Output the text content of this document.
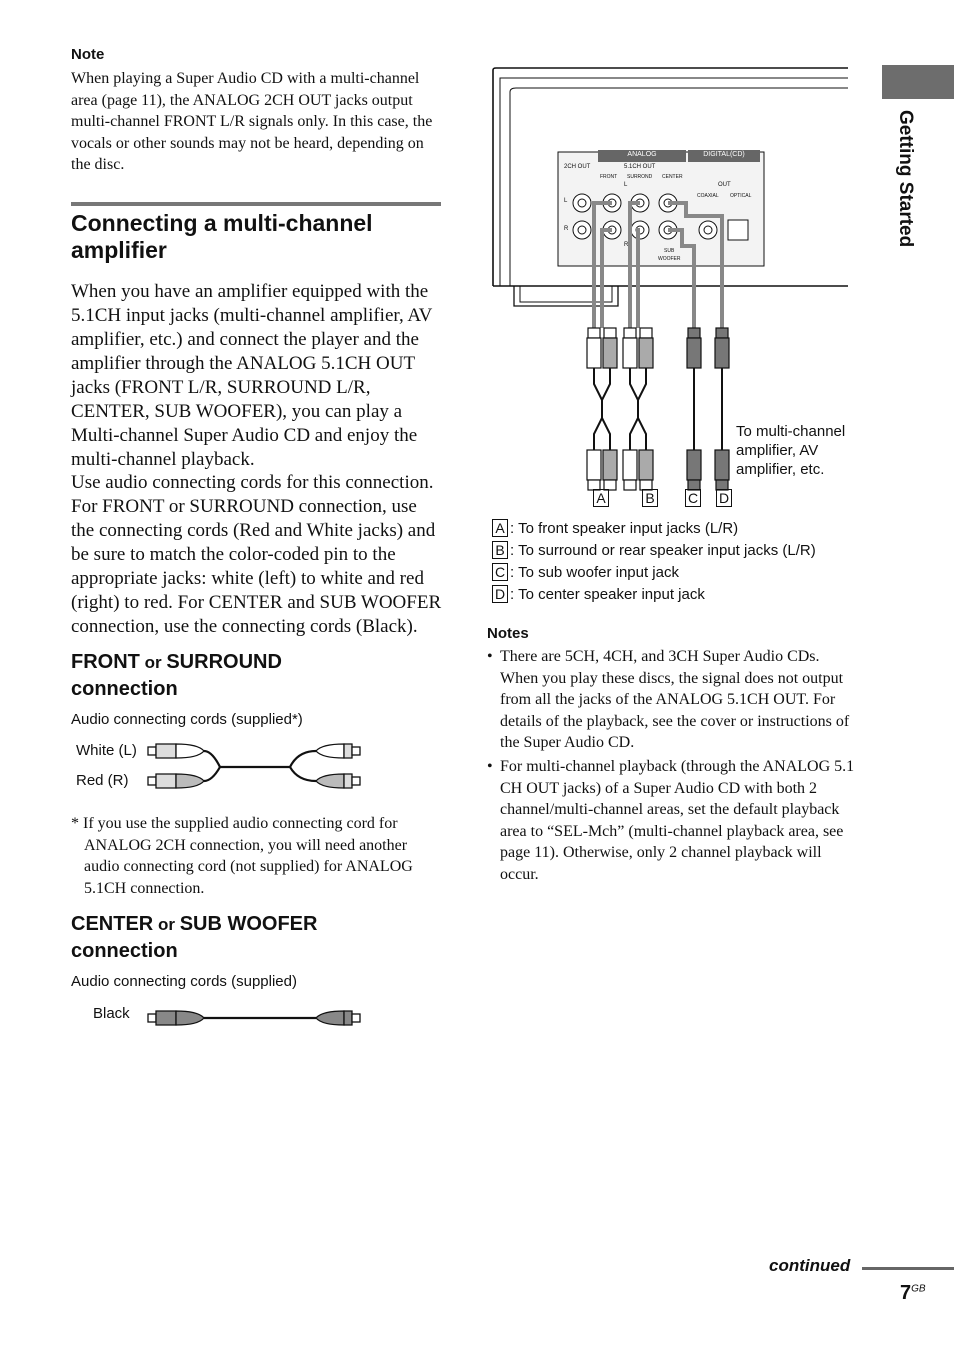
Getting Started
Note
When playing a Super Audio CD with a multi-channel area (page 11), the ANALOG 2CH OUT jacks output multi-channel FRONT L/R signals only. In this case, the vocals or other sounds may not be heard, depending on the disc.
Connecting a multi-channel amplifier
When you have an amplifier equipped with the 5.1CH input jacks (multi-channel amplifier, AV amplifier, etc.) and connect the player and the amplifier through the ANALOG 5.1CH OUT jacks (FRONT L/R, SURROUND L/R, CENTER, SUB WOOFER), you can play a Multi-channel Super Audio CD and enjoy the multi-channel playback.
Use audio connecting cords for this connection. For FRONT or SURROUND connection, use the connecting cords (Red and White jacks) and be sure to match the color-coded pin to the appropriate jacks: white (left) to white and red (right) to red. For CENTER and SUB WOOFER connection, use the connecting cords (Black).
FRONT or SURROUND
connection
Audio connecting cords (supplied*)
White (L)
Red (R)
* If you use the supplied audio connecting cord for ANALOG 2CH connection, you will need another audio connecting cord (not supplied) for ANALOG 5.1CH connection.
CENTER or SUB WOOFER
connection
Audio connecting cords (supplied)
Black
ANALOG	DIGITAL(CD)
2CH OUT	5.1CH OUT
FRONT SURROND CENTER
OUT
COAXIAL OPTICAL
L
R
L
R
SUB
WOOFER
To multi-channel amplifier, AV amplifier, etc.
A	B C D
A : To front speaker input jacks (L/R)
B : To surround or rear speaker input jacks (L/R)
C : To sub woofer input jack
D : To center speaker input jack
Notes
• There are 5CH, 4CH, and 3CH Super Audio CDs. When you play these discs, the signal does not output from all the jacks of the ANALOG 5.1CH OUT. For details of the playback, see the cover or instructions of the Super Audio CD.
• For multi-channel playback (through the ANALOG 5.1 CH OUT jacks) of a Super Audio CD with both 2 channel/multi-channel areas, set the default playback area to “SEL-Mch” (multi-channel playback area, see page 11). Otherwise, only 2 channel playback will occur.
continued
$7^{GB}$
